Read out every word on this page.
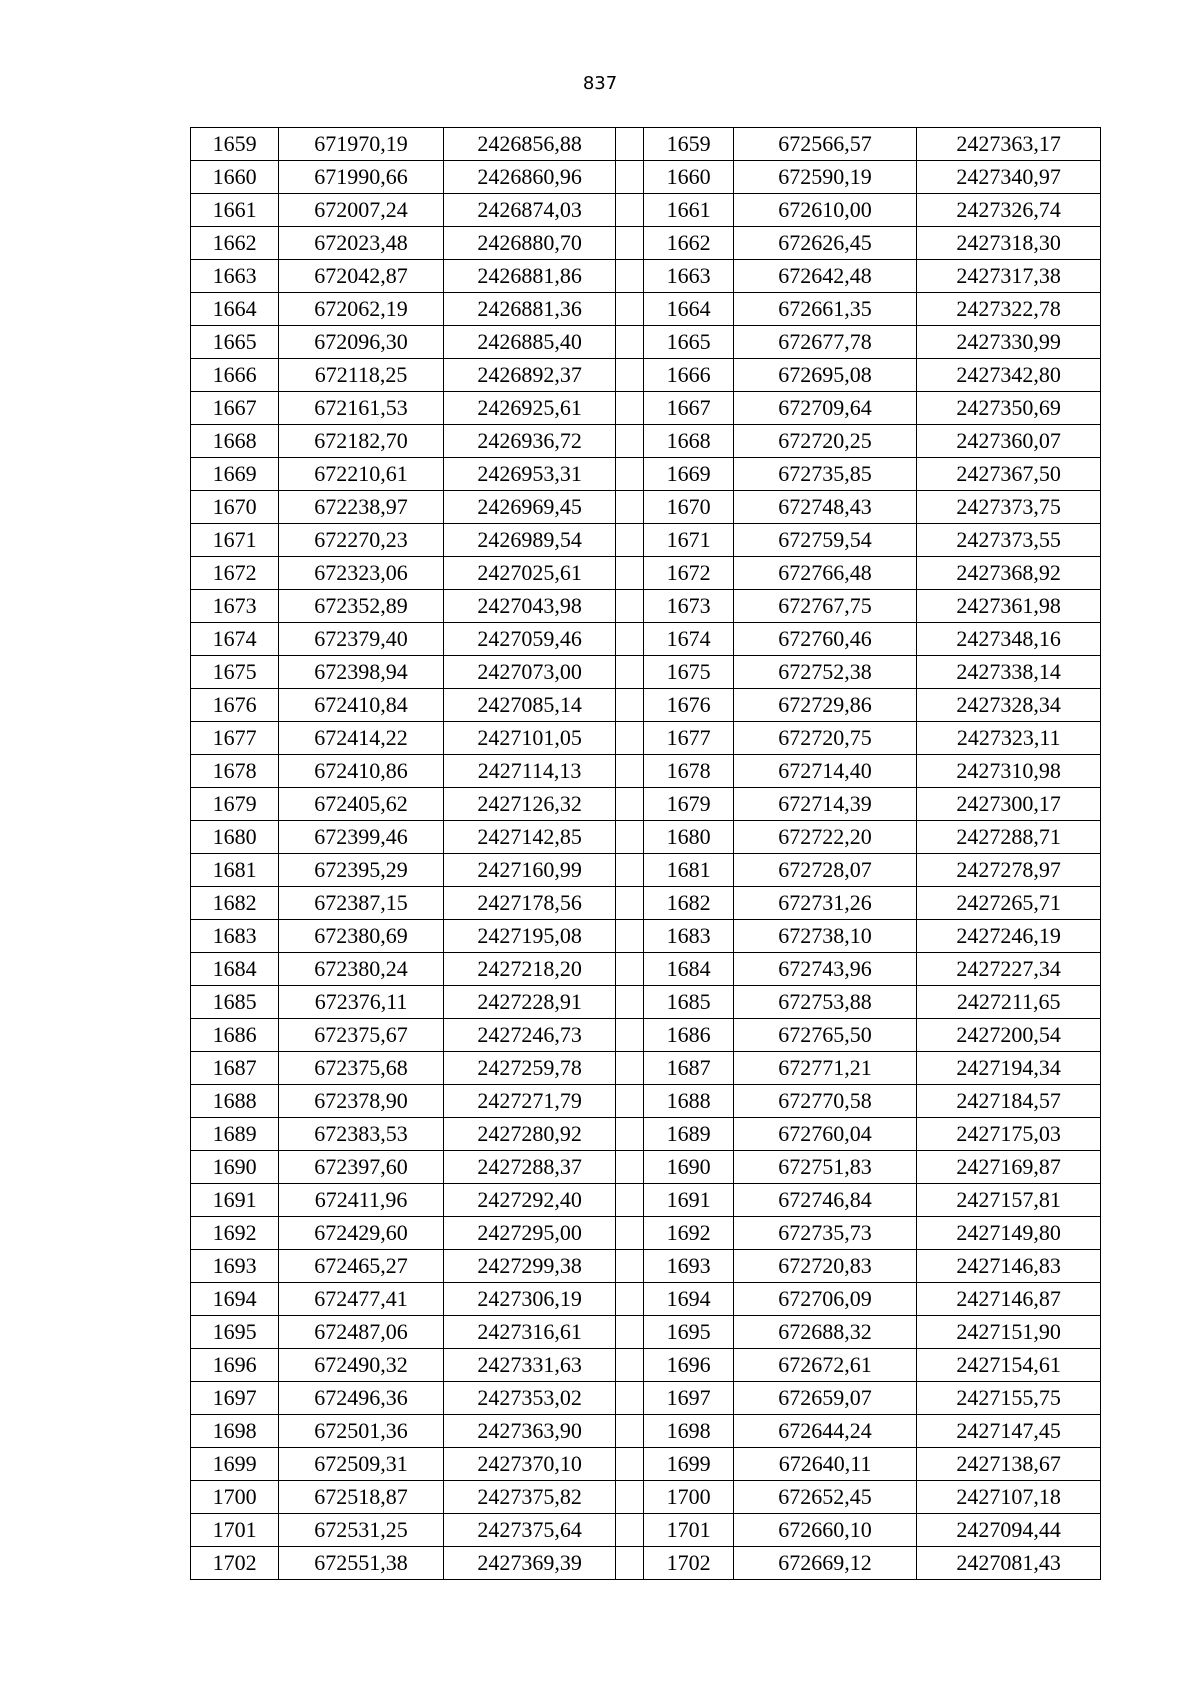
837
1659	671970,19	2426856,88		1659	672566,57	2427363,17
1660	671990,66	2426860,96		1660	672590,19	2427340,97
1661	672007,24	2426874,03		1661	672610,00	2427326,74
1662	672023,48	2426880,70		1662	672626,45	2427318,30
1663	672042,87	2426881,86		1663	672642,48	2427317,38
1664	672062,19	2426881,36		1664	672661,35	2427322,78
1665	672096,30	2426885,40		1665	672677,78	2427330,99
1666	672118,25	2426892,37		1666	672695,08	2427342,80
1667	672161,53	2426925,61		1667	672709,64	2427350,69
1668	672182,70	2426936,72		1668	672720,25	2427360,07
1669	672210,61	2426953,31		1669	672735,85	2427367,50
1670	672238,97	2426969,45		1670	672748,43	2427373,75
1671	672270,23	2426989,54		1671	672759,54	2427373,55
1672	672323,06	2427025,61		1672	672766,48	2427368,92
1673	672352,89	2427043,98		1673	672767,75	2427361,98
1674	672379,40	2427059,46		1674	672760,46	2427348,16
1675	672398,94	2427073,00		1675	672752,38	2427338,14
1676	672410,84	2427085,14		1676	672729,86	2427328,34
1677	672414,22	2427101,05		1677	672720,75	2427323,11
1678	672410,86	2427114,13		1678	672714,40	2427310,98
1679	672405,62	2427126,32		1679	672714,39	2427300,17
1680	672399,46	2427142,85		1680	672722,20	2427288,71
1681	672395,29	2427160,99		1681	672728,07	2427278,97
1682	672387,15	2427178,56		1682	672731,26	2427265,71
1683	672380,69	2427195,08		1683	672738,10	2427246,19
1684	672380,24	2427218,20		1684	672743,96	2427227,34
1685	672376,11	2427228,91		1685	672753,88	2427211,65
1686	672375,67	2427246,73		1686	672765,50	2427200,54
1687	672375,68	2427259,78		1687	672771,21	2427194,34
1688	672378,90	2427271,79		1688	672770,58	2427184,57
1689	672383,53	2427280,92		1689	672760,04	2427175,03
1690	672397,60	2427288,37		1690	672751,83	2427169,87
1691	672411,96	2427292,40		1691	672746,84	2427157,81
1692	672429,60	2427295,00		1692	672735,73	2427149,80
1693	672465,27	2427299,38		1693	672720,83	2427146,83
1694	672477,41	2427306,19		1694	672706,09	2427146,87
1695	672487,06	2427316,61		1695	672688,32	2427151,90
1696	672490,32	2427331,63		1696	672672,61	2427154,61
1697	672496,36	2427353,02		1697	672659,07	2427155,75
1698	672501,36	2427363,90		1698	672644,24	2427147,45
1699	672509,31	2427370,10		1699	672640,11	2427138,67
1700	672518,87	2427375,82		1700	672652,45	2427107,18
1701	672531,25	2427375,64		1701	672660,10	2427094,44
1702	672551,38	2427369,39		1702	672669,12	2427081,43
